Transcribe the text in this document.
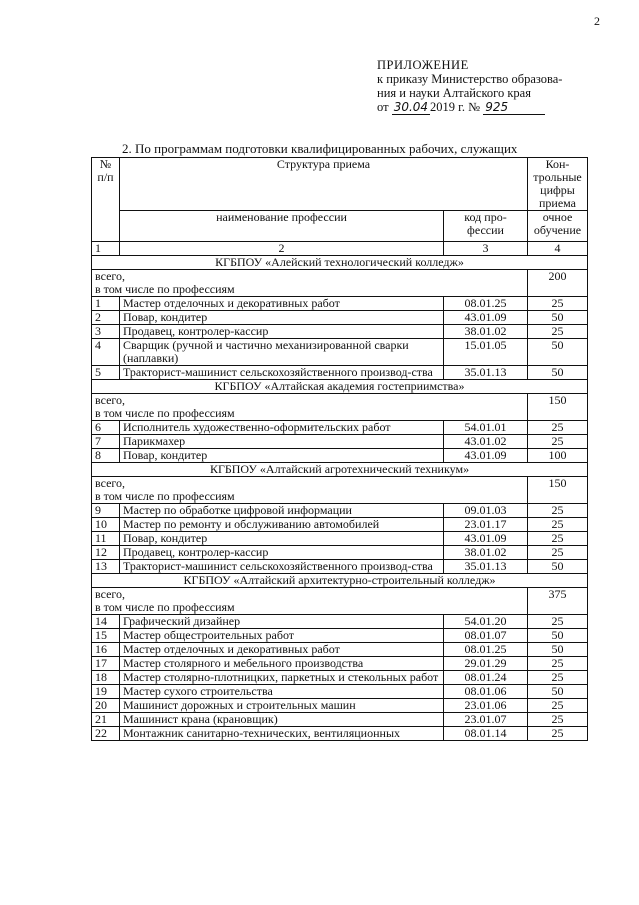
2
ПРИЛОЖЕНИЕ
к приказу Министерство образова-
ния и науки Алтайского края
от 30.04 2019 г. № 925
2. По программам подготовки квалифицированных рабочих, служащих
№ п/п	Структура приема		Кон-трольные цифры приема
	наименование профессии	код про-фессии	очное обучение
1	2	3	4
КГБПОУ «Алейский технологический колледж»			

всего,
в том числе по профессиям			200
1	Мастер отделочных и декоративных работ	08.01.25	25
2	Повар, кондитер	43.01.09	50
3	Продавец, контролер-кассир	38.01.02	25
4	Сварщик (ручной и частично механизированной сварки (наплавки)	15.01.05	50
5	Тракторист-машинист сельскохозяйственного производ-ства	35.01.13	50
КГБПОУ «Алтайская академия гостеприимства»			

всего,
в том числе по профессиям			150
6	Исполнитель художественно-оформительских работ	54.01.01	25
7	Парикмахер	43.01.02	25
8	Повар, кондитер	43.01.09	100
КГБПОУ «Алтайский агротехнический техникум»			

всего,
в том числе по профессиям			150
9	Мастер по обработке цифровой информации	09.01.03	25
10	Мастер по ремонту и обслуживанию автомобилей	23.01.17	25
11	Повар, кондитер	43.01.09	25
12	Продавец, контролер-кассир	38.01.02	25
13	Тракторист-машинист сельскохозяйственного производ-ства	35.01.13	50
КГБПОУ «Алтайский архитектурно-строительный колледж»			

всего,
в том числе по профессиям			375
14	Графический дизайнер	54.01.20	25
15	Мастер общестроительных работ	08.01.07	50
16	Мастер отделочных и декоративных работ	08.01.25	50
17	Мастер столярного и мебельного производства	29.01.29	25
18	Мастер столярно-плотницких, паркетных и стекольных работ	08.01.24	25
19	Мастер сухого строительства	08.01.06	50
20	Машинист дорожных и строительных машин	23.01.06	25
21	Машинист крана (крановщик)	23.01.07	25
22	Монтажник санитарно-технических, вентиляционных	08.01.14	25
